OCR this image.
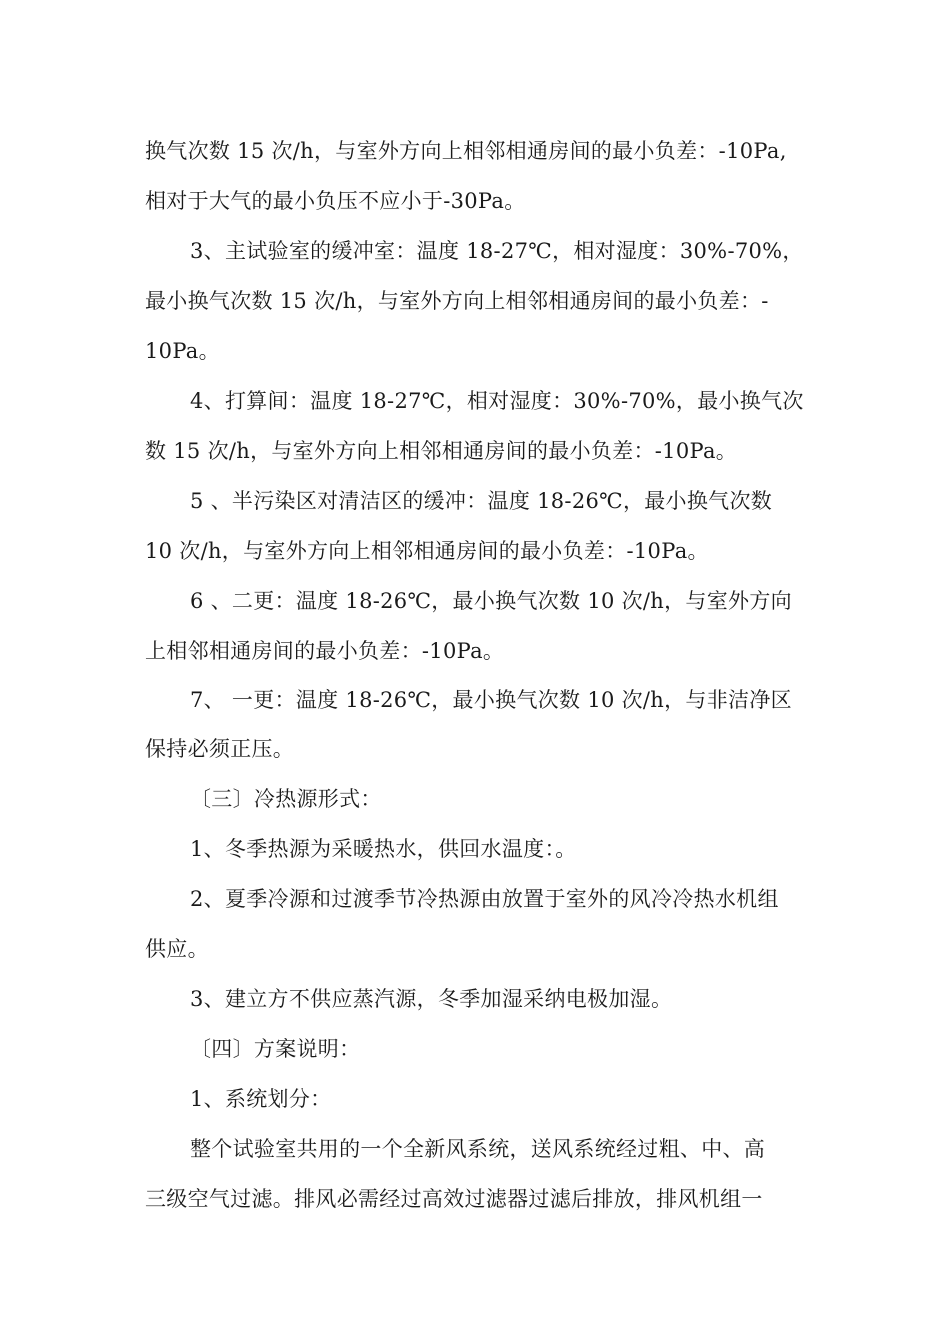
换气次数 15 次/h，与室外方向上相邻相通房间的最小负差：-10Pa,
相对于大气的最小负压不应小于-30Pa。
3、主试验室的缓冲室：温度 18-27℃，相对湿度：30%-70%，
最小换气次数 15 次/h，与室外方向上相邻相通房间的最小负差：-
10Pa。
4、打算间：温度 18-27℃，相对湿度：30%-70%，最小换气次
数 15 次/h，与室外方向上相邻相通房间的最小负差：-10Pa。
5 、半污染区对清洁区的缓冲：温度 18-26℃，最小换气次数
10 次/h，与室外方向上相邻相通房间的最小负差：-10Pa。
6 、二更：温度 18-26℃，最小换气次数 10 次/h，与室外方向
上相邻相通房间的最小负差：-10Pa。
7、 一更：温度 18-26℃，最小换气次数 10 次/h，与非洁净区
保持必须正压。
〔三〕冷热源形式：
1、冬季热源为采暖热水，供回水温度：。
2、夏季冷源和过渡季节冷热源由放置于室外的风冷冷热水机组
供应。
3、建立方不供应蒸汽源，冬季加湿采纳电极加湿。
〔四〕方案说明：
1、系统划分：
整个试验室共用的一个全新风系统，送风系统经过粗、中、高
三级空气过滤。排风必需经过高效过滤器过滤后排放，排风机组一
